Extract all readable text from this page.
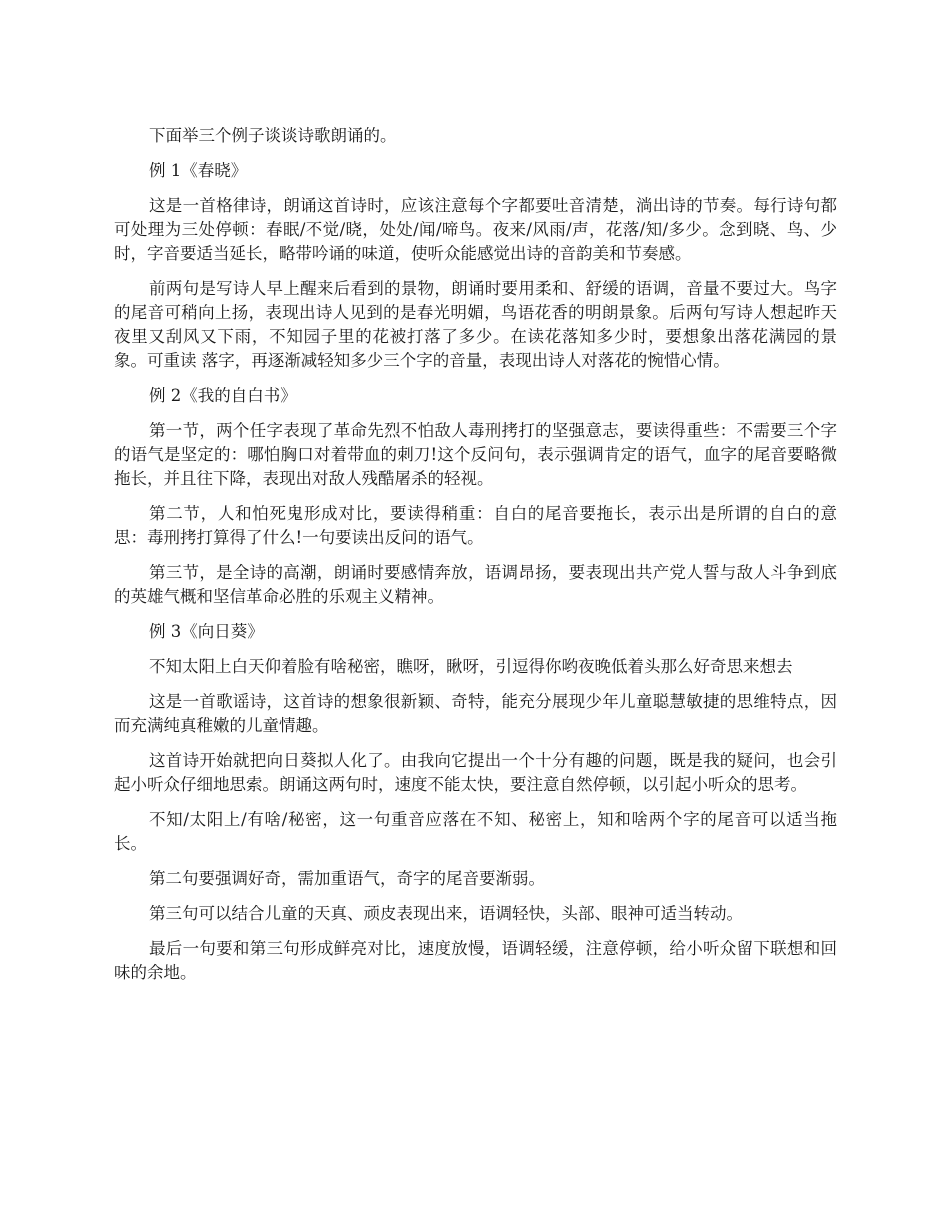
下面举三个例子谈谈诗歌朗诵的。

例 1《春晓》

这是一首格律诗，朗诵这首诗时，应该注意每个字都要吐音清楚，淌出诗的节奏。每行诗句都可处理为三处停顿：春眠/不觉/晓，处处/闻/啼鸟。夜来/风雨/声，花落/知/多少。念到晓、鸟、少时，字音要适当延长，略带吟诵的味道，使听众能感觉出诗的音韵美和节奏感。

前两句是写诗人早上醒来后看到的景物，朗诵时要用柔和、舒缓的语调，音量不要过大。鸟字的尾音可稍向上扬，表现出诗人见到的是春光明媚，鸟语花香的明朗景象。后两句写诗人想起昨天夜里又刮风又下雨，不知园子里的花被打落了多少。在读花落知多少时，要想象出落花满园的景象。可重读 落字，再逐渐减轻知多少三个字的音量，表现出诗人对落花的惋惜心情。

例 2《我的自白书》

第一节，两个任字表现了革命先烈不怕敌人毒刑拷打的坚强意志，要读得重些：不需要三个字的语气是坚定的：哪怕胸口对着带血的刺刀!这个反问句，表示强调肯定的语气，血字的尾音要略微拖长，并且往下降，表现出对敌人残酷屠杀的轻视。

第二节，人和怕死鬼形成对比，要读得稍重：自白的尾音要拖长，表示出是所谓的自白的意思：毒刑拷打算得了什么!一句要读出反问的语气。

第三节，是全诗的高潮，朗诵时要感情奔放，语调昂扬，要表现出共产党人誓与敌人斗争到底的英雄气概和坚信革命必胜的乐观主义精神。

例 3《向日葵》

不知太阳上白天仰着脸有啥秘密，瞧呀，瞅呀，引逗得你哟夜晚低着头那么好奇思来想去

这是一首歌谣诗，这首诗的想象很新颖、奇特，能充分展现少年儿童聪慧敏捷的思维特点，因而充满纯真稚嫩的儿童情趣。

这首诗开始就把向日葵拟人化了。由我向它提出一个十分有趣的问题，既是我的疑问，也会引起小听众仔细地思索。朗诵这两句时，速度不能太快，要注意自然停顿，以引起小听众的思考。

不知/太阳上/有啥/秘密，这一句重音应落在不知、秘密上，知和啥两个字的尾音可以适当拖长。

第二句要强调好奇，需加重语气，奇字的尾音要渐弱。

第三句可以结合儿童的天真、顽皮表现出来，语调轻快，头部、眼神可适当转动。

最后一句要和第三句形成鲜亮对比，速度放慢，语调轻缓，注意停顿，给小听众留下联想和回味的余地。
